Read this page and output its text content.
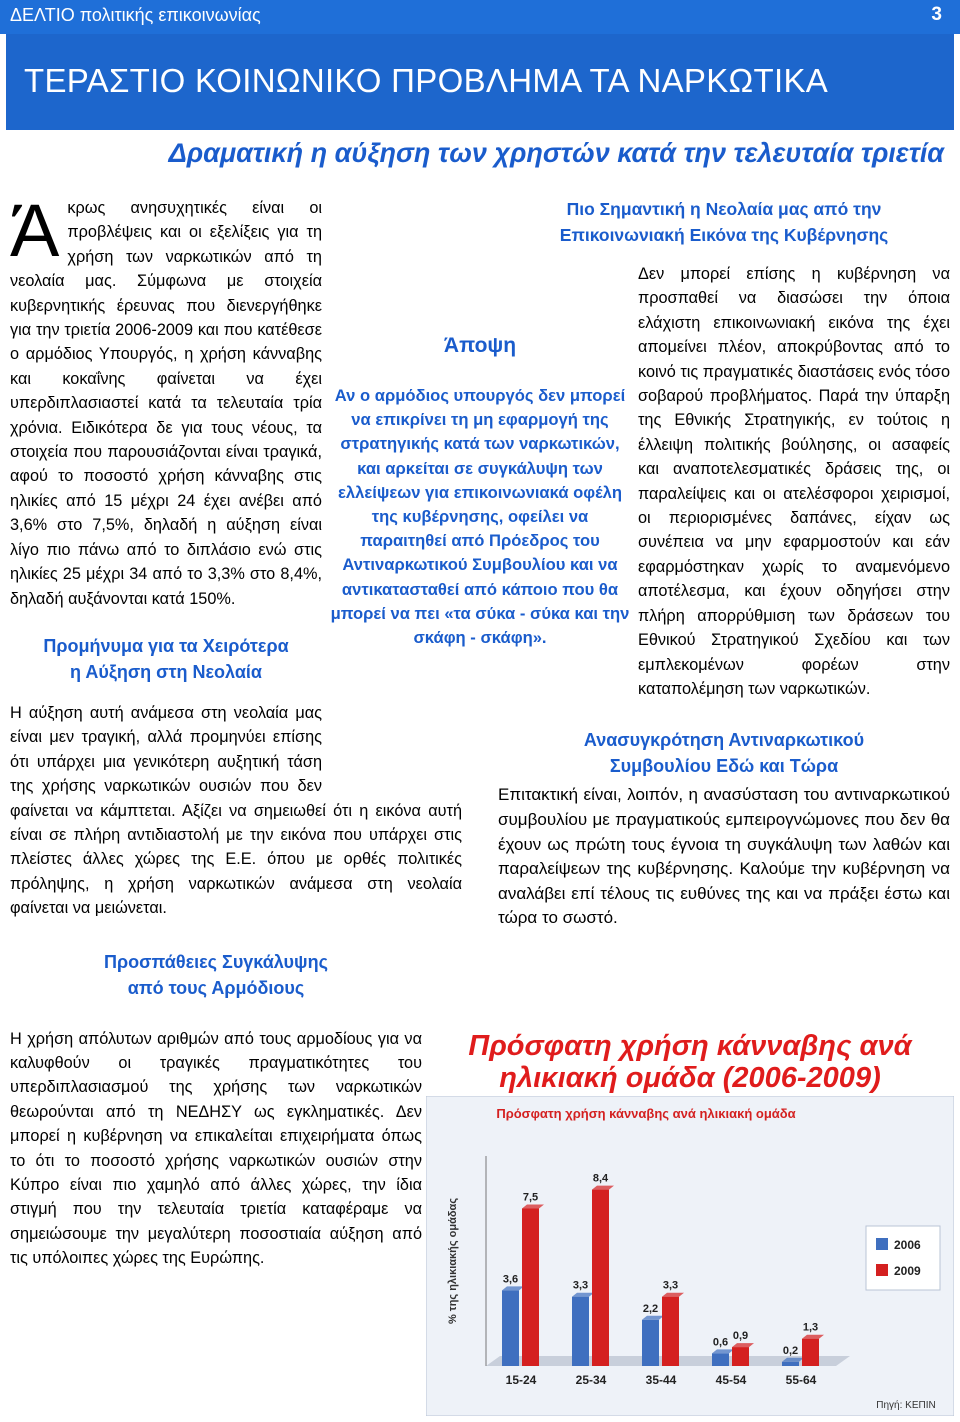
ΔΕΛΤΙΟ πολιτικής επικοινωνίας	3
ΤΕΡΑΣΤΙΟ ΚΟΙΝΩΝΙΚΟ ΠΡΟΒΛΗΜΑ ΤΑ ΝΑΡΚΩΤΙΚΑ
Δραματική η αύξηση των χρηστών κατά την τελευταία τριετία
Ά κρως ανησυχητικές είναι οι προβλέψεις και οι εξελίξεις για τη χρήση των ναρκωτικών από τη νεολαία μας. Σύμφωνα με στοιχεία κυβερνητικής έρευνας που διενεργήθηκε για την τριετία 2006-2009 και που κατέθεσε ο αρμόδιος Υπουργός, η χρήση κάνναβης και κοκαΐνης φαίνεται να έχει υπερδιπλασιαστεί κατά τα τελευταία τρία χρόνια. Ειδικότερα δε για τους νέους, τα στοιχεία που παρουσιάζονται είναι τραγικά, αφού το ποσοστό χρήση κάνναβης στις ηλικίες από 15 μέχρι 24 έχει ανέβει από 3,6% στο 7,5%, δηλαδή η αύξηση είναι λίγο πιο πάνω από το διπλάσιο ενώ στις ηλικίες 25 μέχρι 34 από το 3,3% στο 8,4%, δηλαδή αυξάνονται κατά 150%.

Προμήνυμα για τα Χειρότερα
η Αύξηση στη Νεολαία

Η αύξηση αυτή ανάμεσα στη νεολαία μας είναι μεν τραγική, αλλά προμηνύει επίσης ότι υπάρχει μια γενικότερη αυξητική τάση της χρήσης ναρκωτικών ουσιών που δεν φαίνεται να κάμπτεται. Αξίζει να σημειωθεί ότι η εικόνα αυτή είναι σε πλήρη αντιδιαστολή με την εικόνα που υπάρχει στις πλείστες άλλες χώρες της Ε.Ε. όπου με ορθές πολιτικές πρόληψης, η χρήση ναρκωτικών ανάμεσα στη νεολαία φαίνεται να μειώνεται.

Προσπάθειες Συγκάλυψης
από τους Αρμόδιους

Η χρήση απόλυτων αριθμών από τους αρμοδίους για να καλυφθούν οι τραγικές πραγματικότητες του υπερδιπλασιασμού της χρήσης των ναρκωτικών θεωρούνται από τη ΝΕΔΗΣΥ ως εγκληματικές. Δεν μπορεί η κυβέρνηση να επικαλείται επιχειρήματα όπως το ότι το ποσοστό χρήσης ναρκωτικών ουσιών στην Κύπρο είναι πιο χαμηλό από άλλες χώρες, την ίδια στιγμή που την τελευταία τριετία καταφέραμε να σημειώσουμε την μεγαλύτερη ποσοστιαία αύξηση από τις υπόλοιπες χώρες της Ευρώπης.

Άποψη
Αν ο αρμόδιος υπουργός δεν μπορεί να επικρίνει τη μη εφαρμογή της στρατηγικής κατά των ναρκωτικών, και αρκείται σε συγκάλυψη των ελλείψεων για επικοινωνιακά οφέλη της κυβέρνησης, οφείλει να παραιτηθεί από Πρόεδρος του Αντιναρκωτικού Συμβουλίου και να αντικατασταθεί από κάποιο που θα μπορεί να πει «τα σύκα - σύκα και την σκάφη - σκάφη».
Πιο Σημαντική η Νεολαία μας από την
Επικοινωνιακή Εικόνα της Κυβέρνησης

Δεν μπορεί επίσης η κυβέρνηση να προσπαθεί να διασώσει την όποια ελάχιστη επικοινωνιακή εικόνα της έχει απομείνει πλέον, αποκρύβοντας από το κοινό τις πραγματικές διαστάσεις ενός τόσο σοβαρού προβλήματος. Παρά την ύπαρξη της Εθνικής Στρατηγικής, εν τούτοις η έλλειψη πολιτικής βούλησης, οι ασαφείς και αναποτελεσματικές δράσεις της, οι παραλείψεις και οι ατελέσφοροι χειρισμοί, οι περιορισμένες δαπάνες, είχαν ως συνέπεια να μην εφαρμοστούν και εάν εφαρμόστηκαν χωρίς το αναμενόμενο αποτέλεσμα, και έχουν οδηγήσει στην πλήρη απορρύθμιση των δράσεων του Εθνικού Στρατηγικού Σχεδίου και των εμπλεκομένων φορέων στην καταπολέμηση των ναρκωτικών.

Ανασυγκρότηση Αντιναρκωτικού
Συμβουλίου Εδώ και Τώρα

Επιτακτική είναι, λοιπόν, η ανασύσταση του αντιναρκωτικού συμβουλίου με πραγματικούς εμπειρογνώμονες που δεν θα έχουν ως πρώτη τους έγνοια τη συγκάλυψη των λαθών και παραλείψεων της κυβέρνησης. Καλούμε την κυβέρνηση να αναλάβει επί τέλους τις ευθύνες της και να πράξει έστω και τώρα το σωστό.

Πρόσφατη χρήση κάνναβης ανά ηλικιακή ομάδα (2006-2009)
Πρόσφατη χρήση κάνναβης ανά ηλικιακή ομάδα
% της ηλικιακής ομάδας	3,6
7,5
15-24
3,3
8,4
25-34
2,2
3,3
35-44
0,6
0,9
45-54
0,2
1,3
55-64
2006
2009
Πηγή: ΚΕΠΙΝ
